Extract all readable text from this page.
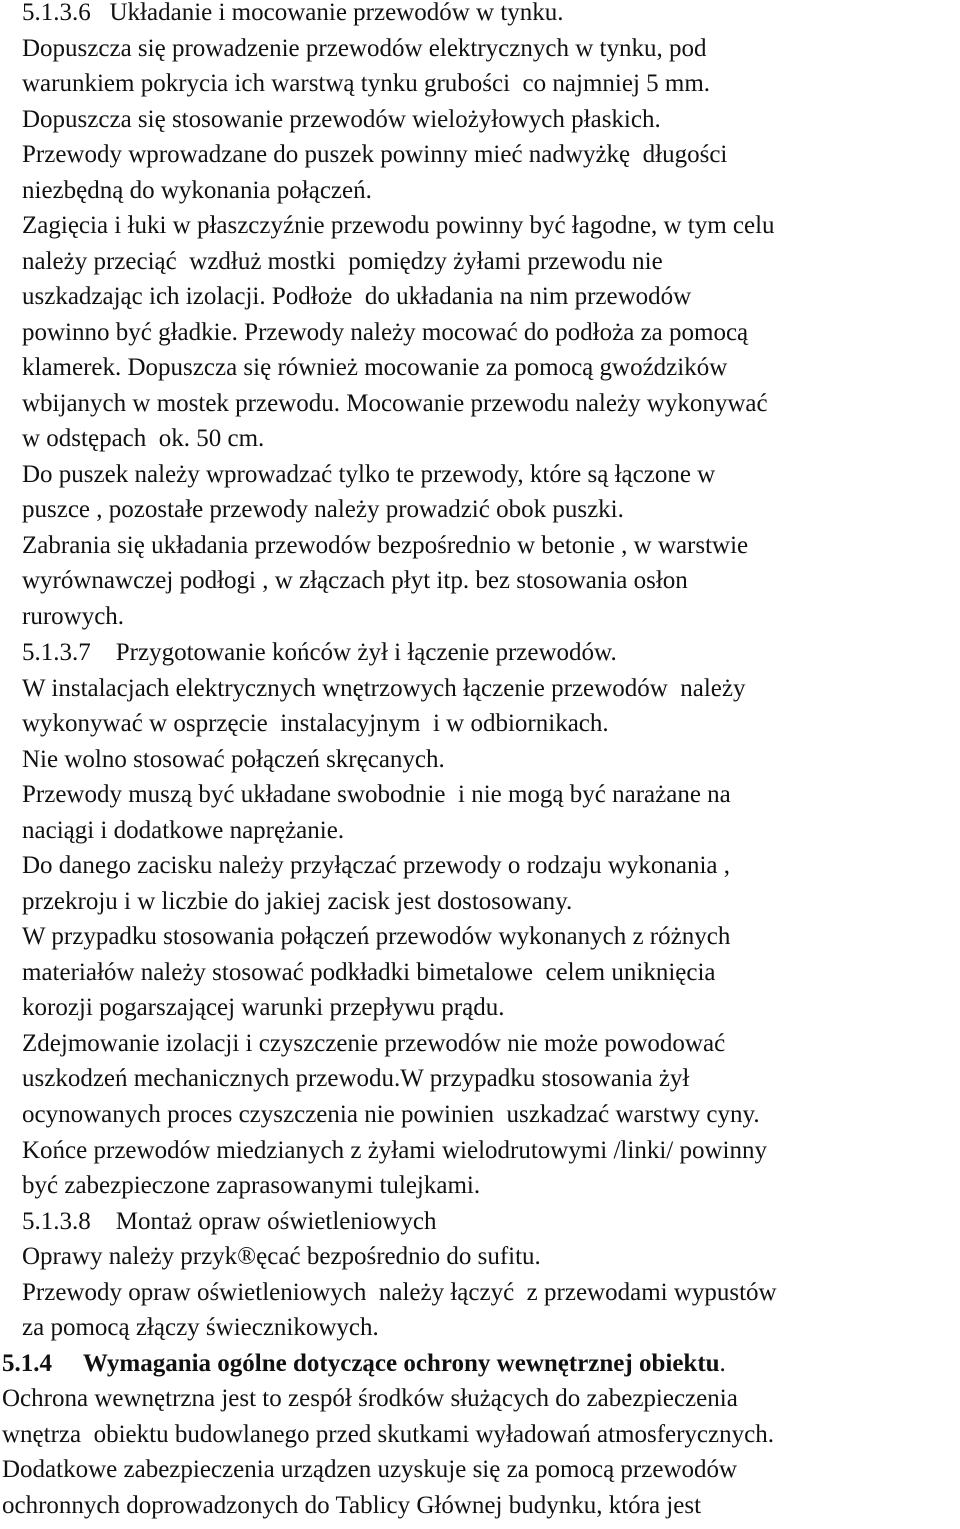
5.1.3.6   Układanie i mocowanie przewodów w tynku.
Dopuszcza się prowadzenie przewodów elektrycznych w tynku, pod
warunkiem pokrycia ich warstwą tynku grubości  co najmniej 5 mm.
Dopuszcza się stosowanie przewodów wielożyłowych płaskich.
Przewody wprowadzane do puszek powinny mieć nadwyżkę  długości
niezbędną do wykonania połączeń.
Zagięcia i łuki w płaszczyźnie przewodu powinny być łagodne, w tym celu
należy przeciąć  wzdłuż mostki  pomiędzy żyłami przewodu nie
uszkadzając ich izolacji. Podłoże  do układania na nim przewodów
powinno być gładkie. Przewody należy mocować do podłoża za pomocą
klamerek. Dopuszcza się również mocowanie za pomocą gwoździków
wbijanych w mostek przewodu. Mocowanie przewodu należy wykonywać
w odstępach  ok. 50 cm.
Do puszek należy wprowadzać tylko te przewody, które są łączone w
puszce , pozostałe przewody należy prowadzić obok puszki.
Zabrania się układania przewodów bezpośrednio w betonie , w warstwie
wyrównawczej podłogi , w złączach płyt itp. bez stosowania osłon
rurowych.
5.1.3.7    Przygotowanie końców żył i łączenie przewodów.
W instalacjach elektrycznych wnętrzowych łączenie przewodów  należy
wykonywać w osprzęcie  instalacyjnym  i w odbiornikach.
Nie wolno stosować połączeń skręcanych.
Przewody muszą być układane swobodnie  i nie mogą być narażane na
naciągi i dodatkowe naprężanie.
Do danego zacisku należy przyłączać przewody o rodzaju wykonania ,
przekroju i w liczbie do jakiej zacisk jest dostosowany.
W przypadku stosowania połączeń przewodów wykonanych z różnych
materiałów należy stosować podkładki bimetalowe  celem uniknięcia
korozji pogarszającej warunki przepływu prądu.
Zdejmowanie izolacji i czyszczenie przewodów nie może powodować
uszkodzeń mechanicznych przewodu.W przypadku stosowania żył
ocynowanych proces czyszczenia nie powinien  uszkadzać warstwy cyny.
Końce przewodów miedzianych z żyłami wielodrutowymi /linki/ powinny
być zabezpieczone zaprasowanymi tulejkami.
5.1.3.8    Montaż opraw oświetleniowych
Oprawy należy przyk®ęcać bezpośrednio do sufitu.
Przewody opraw oświetleniowych  należy łączyć  z przewodami wypustów
za pomocą złączy świecznikowych.
5.1.4 Wymagania ogólne dotyczące ochrony wewnętrznej obiektu.
Ochrona wewnętrzna jest to zespół środków służących do zabezpieczenia
wnętrza  obiektu budowlanego przed skutkami wyładowań atmosferycznych.
Dodatkowe zabezpieczenia urządzen uzyskuje się za pomocą przewodów
ochronnych doprowadzonych do Tablicy Głównej budynku, która jest
